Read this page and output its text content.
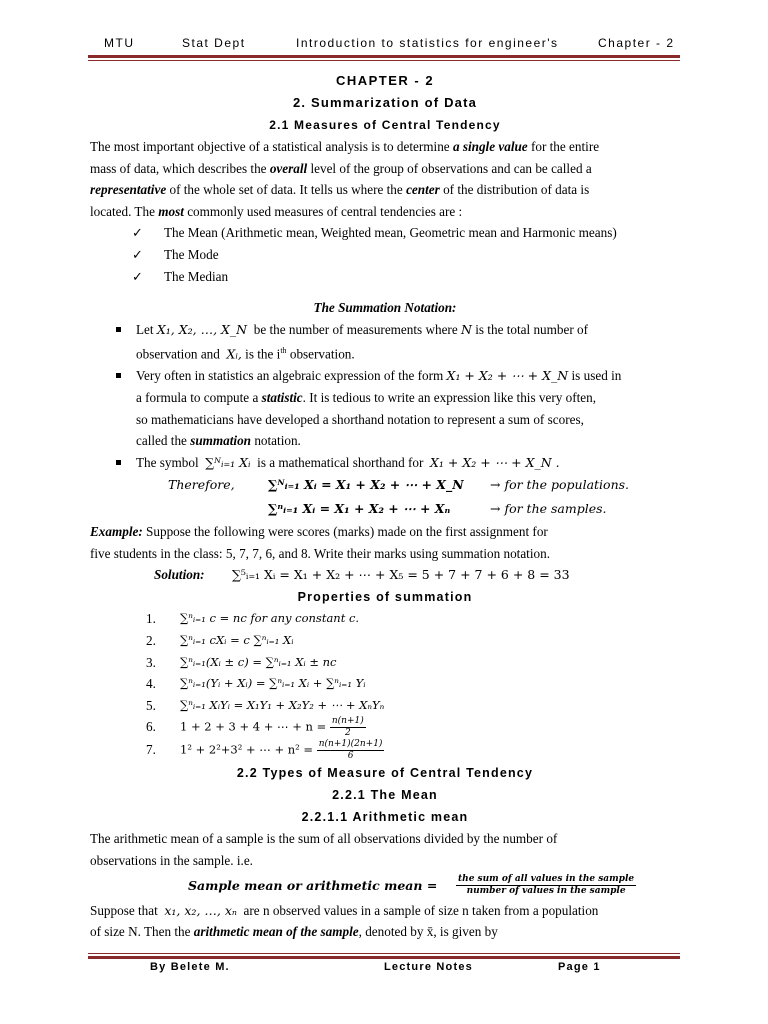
MTU	Stat Dept	Introduction to statistics for engineer's	Chapter - 2
CHAPTER - 2
2. Summarization of Data
2.1 Measures of Central Tendency
The most important objective of a statistical analysis is to determine a single value for the entire
mass of data, which describes the overall level of the group of observations and can be called a
representative of the whole set of data. It tells us where the center of the distribution of data is
located. The most commonly used measures of central tendencies are :
✓ The Mean (Arithmetic mean, Weighted mean, Geometric mean and Harmonic means)
✓ The Mode
✓ The Median
The Summation Notation:
Let X₁, X₂, …, X_N be the number of measurements where N is the total number of
observation and Xᵢ, is the $i^{th}$ observation.
Very often in statistics an algebraic expression of the form X₁ + X₂ + ⋯ + X_N is used in
a formula to compute a statistic. It is tedious to write an expression like this very often,
so mathematicians have developed a shorthand notation to represent a sum of scores,
called the summation notation.
The symbol ∑ᴺᵢ₌₁ Xᵢ is a mathematical shorthand for X₁ + X₂ + ⋯ + X_N .
Therefore,	∑ᴺᵢ₌₁ Xᵢ = X₁ + X₂ + ⋯ + X_N → for the populations.
∑ⁿᵢ₌₁ Xᵢ = X₁ + X₂ + ⋯ + Xₙ	→ for the samples.
Example: Suppose the following were scores (marks) made on the first assignment for
five students in the class: 5, 7, 7, 6, and 8. Write their marks using summation notation.
Solution: ∑⁵ᵢ₌₁ Xᵢ = X₁ + X₂ + ⋯ + X₅ = 5 + 7 + 7 + 6 + 8 = 33
Properties of summation
1. ∑ⁿᵢ₌₁ c = nc for any constant c.
2. ∑ⁿᵢ₌₁ cXᵢ = c ∑ⁿᵢ₌₁ Xᵢ
3. ∑ⁿᵢ₌₁(Xᵢ ± c) = ∑ⁿᵢ₌₁ Xᵢ ± nc
4. ∑ⁿᵢ₌₁(Yᵢ + Xᵢ) = ∑ⁿᵢ₌₁ Xᵢ + ∑ⁿᵢ₌₁ Yᵢ
5. ∑ⁿᵢ₌₁ XᵢYᵢ = X₁Y₁ + X₂Y₂ + ⋯ + XₙYₙ
6. 1 + 2 + 3 + 4 + ⋯ + $n = \frac{n(n+1)}{2}$
7. 1² + 2²+3² + ⋯ + $n^2 = \frac{n(n+1)(2n+1)}{6}$
2.2 Types of Measure of Central Tendency
2.2.1 The Mean
2.2.1.1 Arithmetic mean
The arithmetic mean of a sample is the sum of all observations divided by the number of
observations in the sample. i.e.
Sample mean or arithmetic mean = the sum of all values in the sample
number of values in the sample
Suppose that x₁, x₂, …, xₙ are n observed values in a sample of size n taken from a population
of size N. Then the arithmetic mean of the sample, denoted by x̄, is given by
By Belete M.	Lecture Notes	Page 1
